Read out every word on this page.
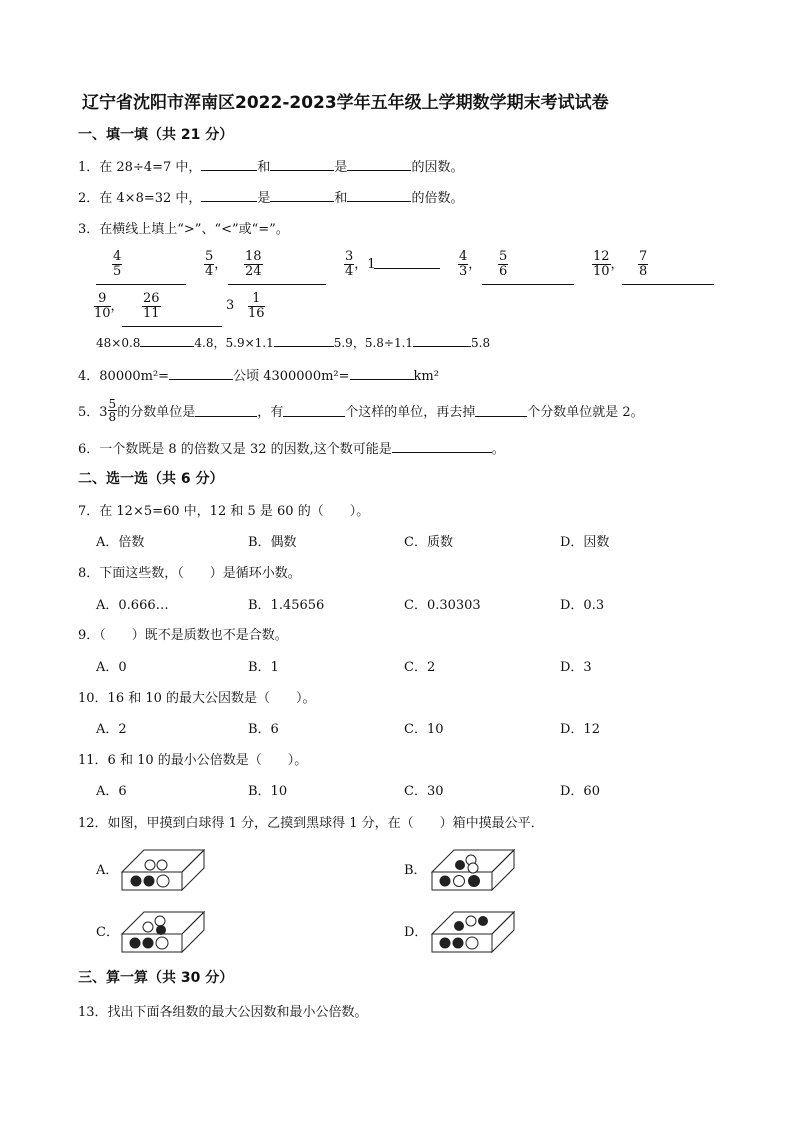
辽宁省沈阳市浑南区2022-2023学年五年级上学期数学期末考试试卷
一、填一填（共 21 分）
1．在 28÷4=7 中，	和	是	的因数。
2．在 4×8=32 中，	是	和	的倍数。
3．在横线上填上“>”、“<”或“=”。
$\frac{4}{5}$	$\frac{5}{4}$ ， $\frac{18}{24}$	$\frac{3}{4}$ ，1	$\frac{4}{3}$ ， $\frac{5}{6}$	$\frac{12}{10}$ ， $\frac{7}{8}$
$\frac{9}{10}$ ， $\frac{26}{11}$	$3 \frac{1}{16}$
48×0.8	4.8，5.9×1.1	5.9，5.8÷1.1	5.8
4．80000m²=	公顷 4300000m²=	km²
5．$3 \frac{5}{8}$ 的分数单位是	，有	个这样的单位，再去掉	个分数单位就是 2。
6．一个数既是 8 的倍数又是 32 的因数,这个数可能是	。
二、选一选（共 6 分）
7．在 12×5=60 中，12 和 5 是 60 的（　　）。
A．倍数	B．偶数	C．质数	D．因数
8．下面这些数，（　　）是循环小数。
A．0.666…	B．1.45656	C．0.30303	D．0.3
9．（　　）既不是质数也不是合数。
A．0	B．1	C．2	D．3
10．16 和 10 的最大公因数是（　　）。
A．2	B．6	C．10	D．12
11．6 和 10 的最小公倍数是（　　）。
A．6	B．10	C．30	D．60
12．如图，甲摸到白球得 1 分，乙摸到黑球得 1 分，在（　　）箱中摸最公平．
A．	B．
C．	D．
三、算一算（共 30 分）
13．找出下面各组数的最大公因数和最小公倍数。
